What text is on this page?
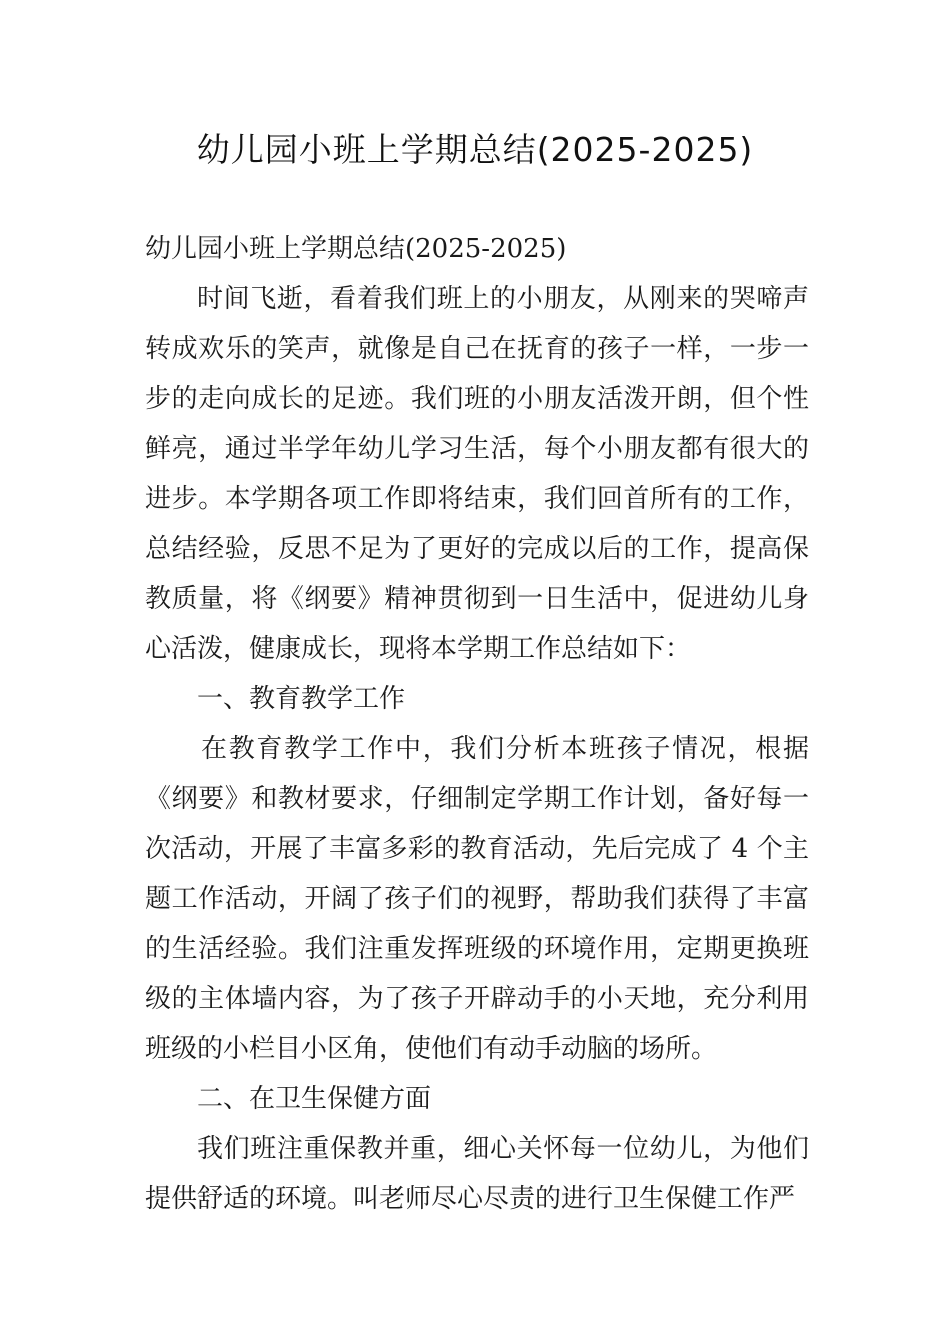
幼儿园小班上学期总结(2025-2025)

幼儿园小班上学期总结(2025-2025)

时间飞逝，看着我们班上的小朋友，从刚来的哭啼声转成欢乐的笑声，就像是自己在抚育的孩子一样，一步一步的走向成长的足迹。我们班的小朋友活泼开朗，但个性鲜亮，通过半学年幼儿学习生活，每个小朋友都有很大的进步。本学期各项工作即将结束，我们回首所有的工作，总结经验，反思不足为了更好的完成以后的工作，提高保教质量，将《纲要》精神贯彻到一日生活中，促进幼儿身心活泼，健康成长，现将本学期工作总结如下：

一、教育教学工作

在教育教学工作中，我们分析本班孩子情况，根据《纲要》和教材要求，仔细制定学期工作计划，备好每一次活动，开展了丰富多彩的教育活动，先后完成了 4 个主题工作活动，开阔了孩子们的视野，帮助我们获得了丰富的生活经验。我们注重发挥班级的环境作用，定期更换班级的主体墙内容，为了孩子开辟动手的小天地，充分利用班级的小栏目小区角，使他们有动手动脑的场所。

二、在卫生保健方面

我们班注重保教并重，细心关怀每一位幼儿，为他们提供舒适的环境。叫老师尽心尽责的进行卫生保健工作严
